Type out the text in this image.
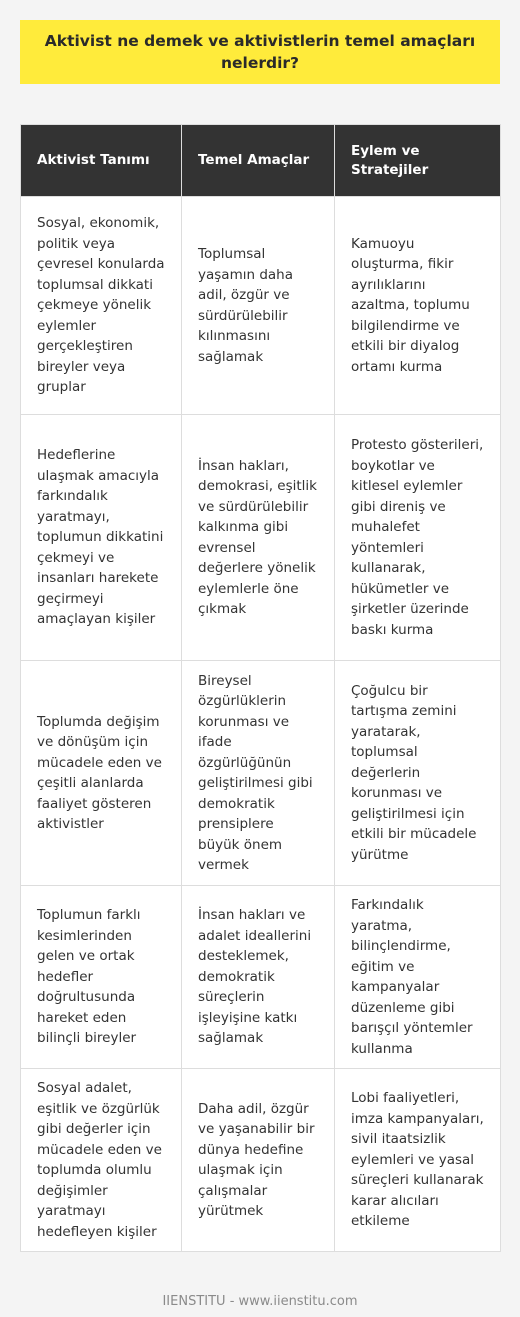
Aktivist ne demek ve aktivistlerin temel amaçları nelerdir?
Aktivist Tanımı	Temel Amaçlar	Eylem ve Stratejiler
Sosyal, ekonomik, politik veya çevresel konularda toplumsal dikkati çekmeye yönelik eylemler gerçekleştiren bireyler veya gruplar	Toplumsal yaşamın daha adil, özgür ve sürdürülebilir kılınmasını sağlamak	Kamuoyu oluşturma, fikir ayrılıklarını azaltma, toplumu bilgilendirme ve etkili bir diyalog ortamı kurma
Hedeflerine ulaşmak amacıyla farkındalık yaratmayı, toplumun dikkatini çekmeyi ve insanları harekete geçirmeyi amaçlayan kişiler	İnsan hakları, demokrasi, eşitlik ve sürdürülebilir kalkınma gibi evrensel değerlere yönelik eylemlerle öne çıkmak	Protesto gösterileri, boykotlar ve kitlesel eylemler gibi direniş ve muhalefet yöntemleri kullanarak, hükümetler ve şirketler üzerinde baskı kurma
Toplumda değişim ve dönüşüm için mücadele eden ve çeşitli alanlarda faaliyet gösteren aktivistler	Bireysel özgürlüklerin korunması ve ifade özgürlüğünün geliştirilmesi gibi demokratik prensiplere büyük önem vermek	Çoğulcu bir tartışma zemini yaratarak, toplumsal değerlerin korunması ve geliştirilmesi için etkili bir mücadele yürütme
Toplumun farklı kesimlerinden gelen ve ortak hedefler doğrultusunda hareket eden bilinçli bireyler	İnsan hakları ve adalet ideallerini desteklemek, demokratik süreçlerin işleyişine katkı sağlamak	Farkındalık yaratma, bilinçlendirme, eğitim ve kampanyalar düzenleme gibi barışçıl yöntemler kullanma
Sosyal adalet, eşitlik ve özgürlük gibi değerler için mücadele eden ve toplumda olumlu değişimler yaratmayı hedefleyen kişiler	Daha adil, özgür ve yaşanabilir bir dünya hedefine ulaşmak için çalışmalar yürütmek	Lobi faaliyetleri, imza kampanyaları, sivil itaatsizlik eylemleri ve yasal süreçleri kullanarak karar alıcıları etkileme
IIENSTITU - www.iienstitu.com
